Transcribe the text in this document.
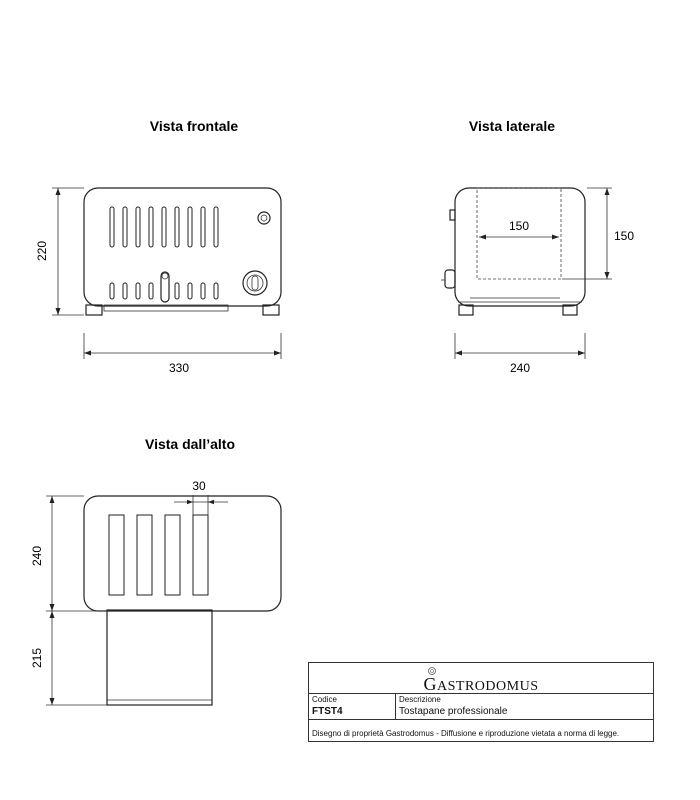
Vista frontale
220
330
Vista laterale
150
150
240
Vista dall’alto
30
240
215
GASTRODOMUS
Codice
FTST4
Descrizione
Tostapane professionale
Disegno di proprietà Gastrodomus - Diffusione e riproduzione vietata a norma di legge.
